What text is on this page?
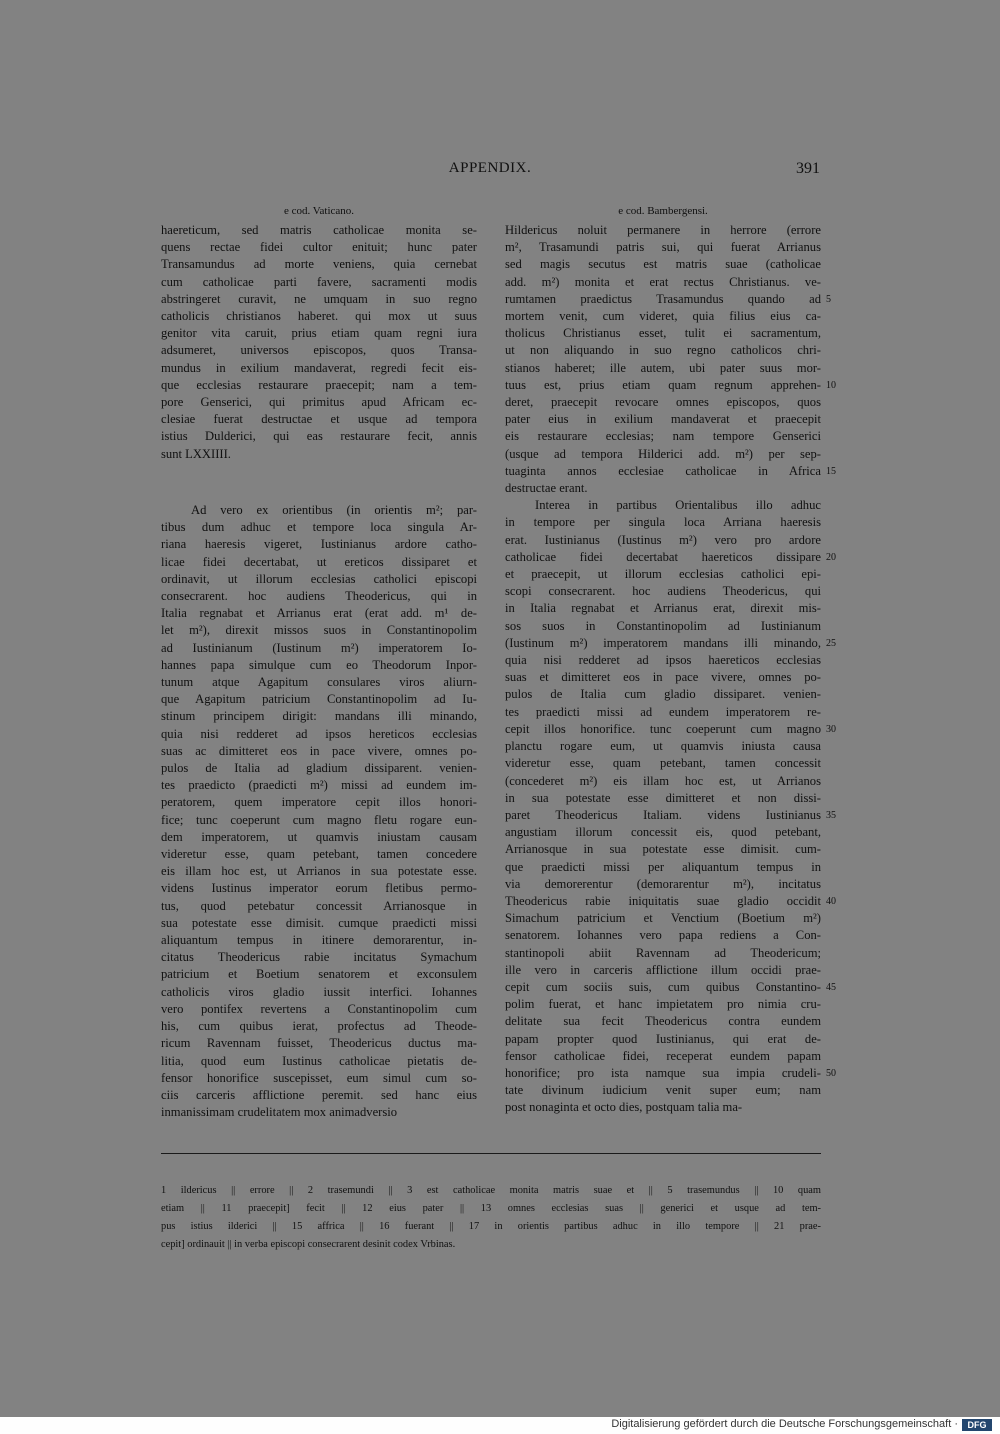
APPENDIX.	391
e cod. Vaticano.	e cod. Bambergensi.
haereticum, sed matris catholicae monita se-
quens rectae fidei cultor enituit; hunc pater
Transamundus ad morte veniens, quia cernebat
cum catholicae parti favere, sacramenti modis
abstringeret curavit, ne umquam in suo regno
catholicis christianos haberet. qui mox ut suus
genitor vita caruit, prius etiam quam regni iura
adsumeret, universos episcopos, quos Transa-
mundus in exilium mandaverat, regredi fecit eis-
que ecclesias restaurare praecepit; nam a tem-
pore Genserici, qui primitus apud Africam ec-
clesiae fuerat destructae et usque ad tempora
istius Dulderici, qui eas restaurare fecit, annis
sunt LXXIIII.
Ad vero ex orientibus (in orientis m²; par-
tibus dum adhuc et tempore loca singula Ar-
riana haeresis vigeret, Iustinianus ardore catho-
licae fidei decertabat, ut ereticos dissiparet et
ordinavit, ut illorum ecclesias catholici episcopi
consecrarent. hoc audiens Theodericus, qui in
Italia regnabat et Arrianus erat (erat add. m¹ de-
let m²), direxit missos suos in Constantinopolim
ad Iustinianum (Iustinum m²) imperatorem Io-
hannes papa simulque cum eo Theodorum Inpor-
tunum atque Agapitum consulares viros aliurn-
que Agapitum patricium Constantinopolim ad Iu-
stinum principem dirigit: mandans illi minando,
quia nisi redderet ad ipsos hereticos ecclesias
suas ac dimitteret eos in pace vivere, omnes po-
pulos de Italia ad gladium dissiparent. venien-
tes praedicto (praedicti m²) missi ad eundem im-
peratorem, quem imperatore cepit illos honori-
fice; tunc coeperunt cum magno fletu rogare eun-
dem imperatorem, ut quamvis iniustam causam
videretur esse, quam petebant, tamen concedere
eis illam hoc est, ut Arrianos in sua potestate esse.
videns Iustinus imperator eorum fletibus permo-
tus, quod petebatur concessit Arrianosque in
sua potestate esse dimisit. cumque praedicti missi
aliquantum tempus in itinere demorarentur, in-
citatus Theodericus rabie incitatus Symachum
patricium et Boetium senatorem et exconsulem
catholicis viros gladio iussit interfici. Iohannes
vero pontifex revertens a Constantinopolim cum
his, cum quibus ierat, profectus ad Theode-
ricum Ravennam fuisset, Theodericus ductus ma-
litia, quod eum Iustinus catholicae pietatis de-
fensor honorifice suscepisset, eum simul cum so-
ciis carceris afflictione peremit. sed hanc eius
inmanissimam crudelitatem mox animadversio
Hildericus noluit permanere in herrore (errore
m², Trasamundi patris sui, qui fuerat Arrianus
sed magis secutus est matris suae (catholicae
add. m²) monita et erat rectus Christianus. ve-
rumtamen praedictus Trasamundus quando ad
mortem venit, cum videret, quia filius eius ca-
tholicus Christianus esset, tulit ei sacramentum,
ut non aliquando in suo regno catholicos chri-
stianos haberet; ille autem, ubi pater suus mor-
tuus est, prius etiam quam regnum apprehen-
deret, praecepit revocare omnes episcopos, quos
pater eius in exilium mandaverat et praecepit
eis restaurare ecclesias; nam tempore Genserici
(usque ad tempora Hilderici add. m²) per sep-
tuaginta annos ecclesiae catholicae in Africa
destructae erant.
Interea in partibus Orientalibus illo adhuc
in tempore per singula loca Arriana haeresis
erat. Iustinianus (Iustinus m²) vero pro ardore
catholicae fidei decertabat haereticos dissipare
et praecepit, ut illorum ecclesias catholici epi-
scopi consecrarent. hoc audiens Theodericus, qui
in Italia regnabat et Arrianus erat, direxit mis-
sos suos in Constantinopolim ad Iustinianum
(Iustinum m²) imperatorem mandans illi minando,
quia nisi redderet ad ipsos haereticos ecclesias
suas et dimitteret eos in pace vivere, omnes po-
pulos de Italia cum gladio dissiparet. venien-
tes praedicti missi ad eundem imperatorem re-
cepit illos honorifice. tunc coeperunt cum magno
planctu rogare eum, ut quamvis iniusta causa
videretur esse, quam petebant, tamen concessit
(concederet m²) eis illam hoc est, ut Arrianos
in sua potestate esse dimitteret et non dissi-
paret Theodericus Italiam. videns Iustinianus
angustiam illorum concessit eis, quod petebant,
Arrianosque in sua potestate esse dimisit. cum-
que praedicti missi per aliquantum tempus in
via demorerentur (demorarentur m²), incitatus
Theodericus rabie iniquitatis suae gladio occidit
Simachum patricium et Venctium (Boetium m²)
senatorem. Iohannes vero papa rediens a Con-
stantinopoli abiit Ravennam ad Theodericum;
ille vero in carceris afflictione illum occidi prae-
cepit cum sociis suis, cum quibus Constantino-
polim fuerat, et hanc impietatem pro nimia cru-
delitate sua fecit Theodericus contra eundem
papam propter quod Iustinianus, qui erat de-
fensor catholicae fidei, receperat eundem papam
honorifice; pro ista namque sua impia crudeli-
tate divinum iudicium venit super eum; nam
post nonaginta et octo dies, postquam talia ma-
5
10
15
20
25
30
35
40
45
50
1 ildericus || errore || 2 trasemundi || 3 est catholicae monita matris suae et || 5 trasemundus || 10 quam
etiam || 11 praecepit] fecit || 12 eius pater || 13 omnes ecclesias suas || generici et usque ad tem-
pus istius ilderici || 15 affrica || 16 fuerant || 17 in orientis partibus adhuc in illo tempore || 21 prae-
cepit] ordinauit || in verba episcopi consecrarent desinit codex Vrbinas.
Digitalisierung gefördert durch die Deutsche Forschungsgemeinschaft ·	DFG
